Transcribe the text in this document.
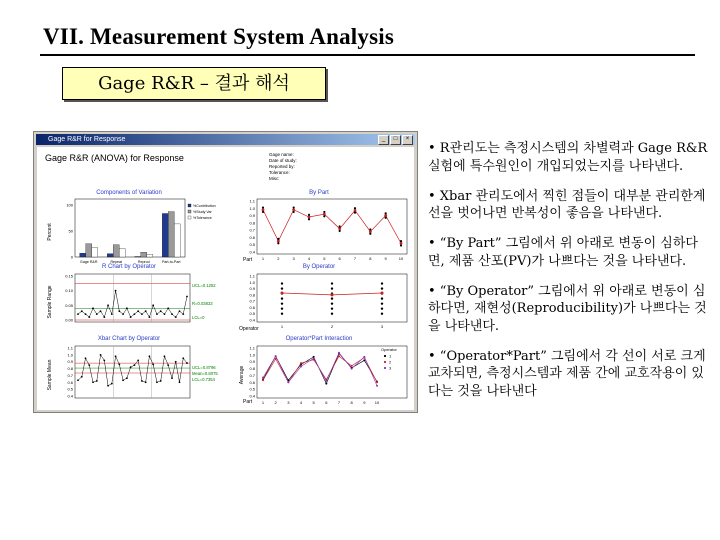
VII. Measurement System Analysis
Gage R&R – 결과 해석
Gage R&R for Response	_	□	×
Gage R&R (ANOVA) for Response	Gage name:
Date of study:
Reported by:
Tolerance:
Misc:
Components of Variation	By Part
R Chart by Operator	By Operator
Xbar Chart by Operator	Operator*Part Interaction
Percent
Sample Range
Sample Mean	Average
Part
Operator
Part
UCL=0.1252
R=0.03833
LCL=0
UCL=0.8796
Mean=0.8075
LCL=0.7354
100
50
0
Gage R&R	Repeat	Reprod	Part-to-Part
%Contribution
%Study Var
%Tolerance
1.1
1.0
0.9
0.8
0.7
0.6
0.5
0.4
1	2	3	4	5	6	7	8	9	10
0.15
0.10
0.05
0.00
1.1
1.0
0.9
0.8
0.7
0.6
0.5
0.4
1	2	3
1.1
1.0
0.9
0.8
0.7
0.6
0.5
0.4
1.1
1.0
0.9
0.8
0.7
0.6
0.5
0.4
1	2	3	4	5	6	7	8	9 10
1
2
3
Operator
• R관리도는 측정시스템의 차별력과 Gage R&R 실험에 특수원인이 개입되었는지를 나타낸다.
• Xbar 관리도에서 찍힌 점들이 대부분 관리한계 선을 벗어나면 반복성이 좋음을 나타낸다.
• “By Part” 그림에서 위 아래로 변동이 심하다면, 제품 산포(PV)가 나쁘다는 것을 나타낸다.
• “By Operator” 그림에서 위 아래로 변동이 심하다면, 재현성(Reproducibility)가 나쁘다는 것을 나타낸다.
• “Operator*Part” 그림에서 각 선이 서로 크게 교차되면, 측정시스템과 제품 간에 교호작용이 있다는 것을 나타낸다
